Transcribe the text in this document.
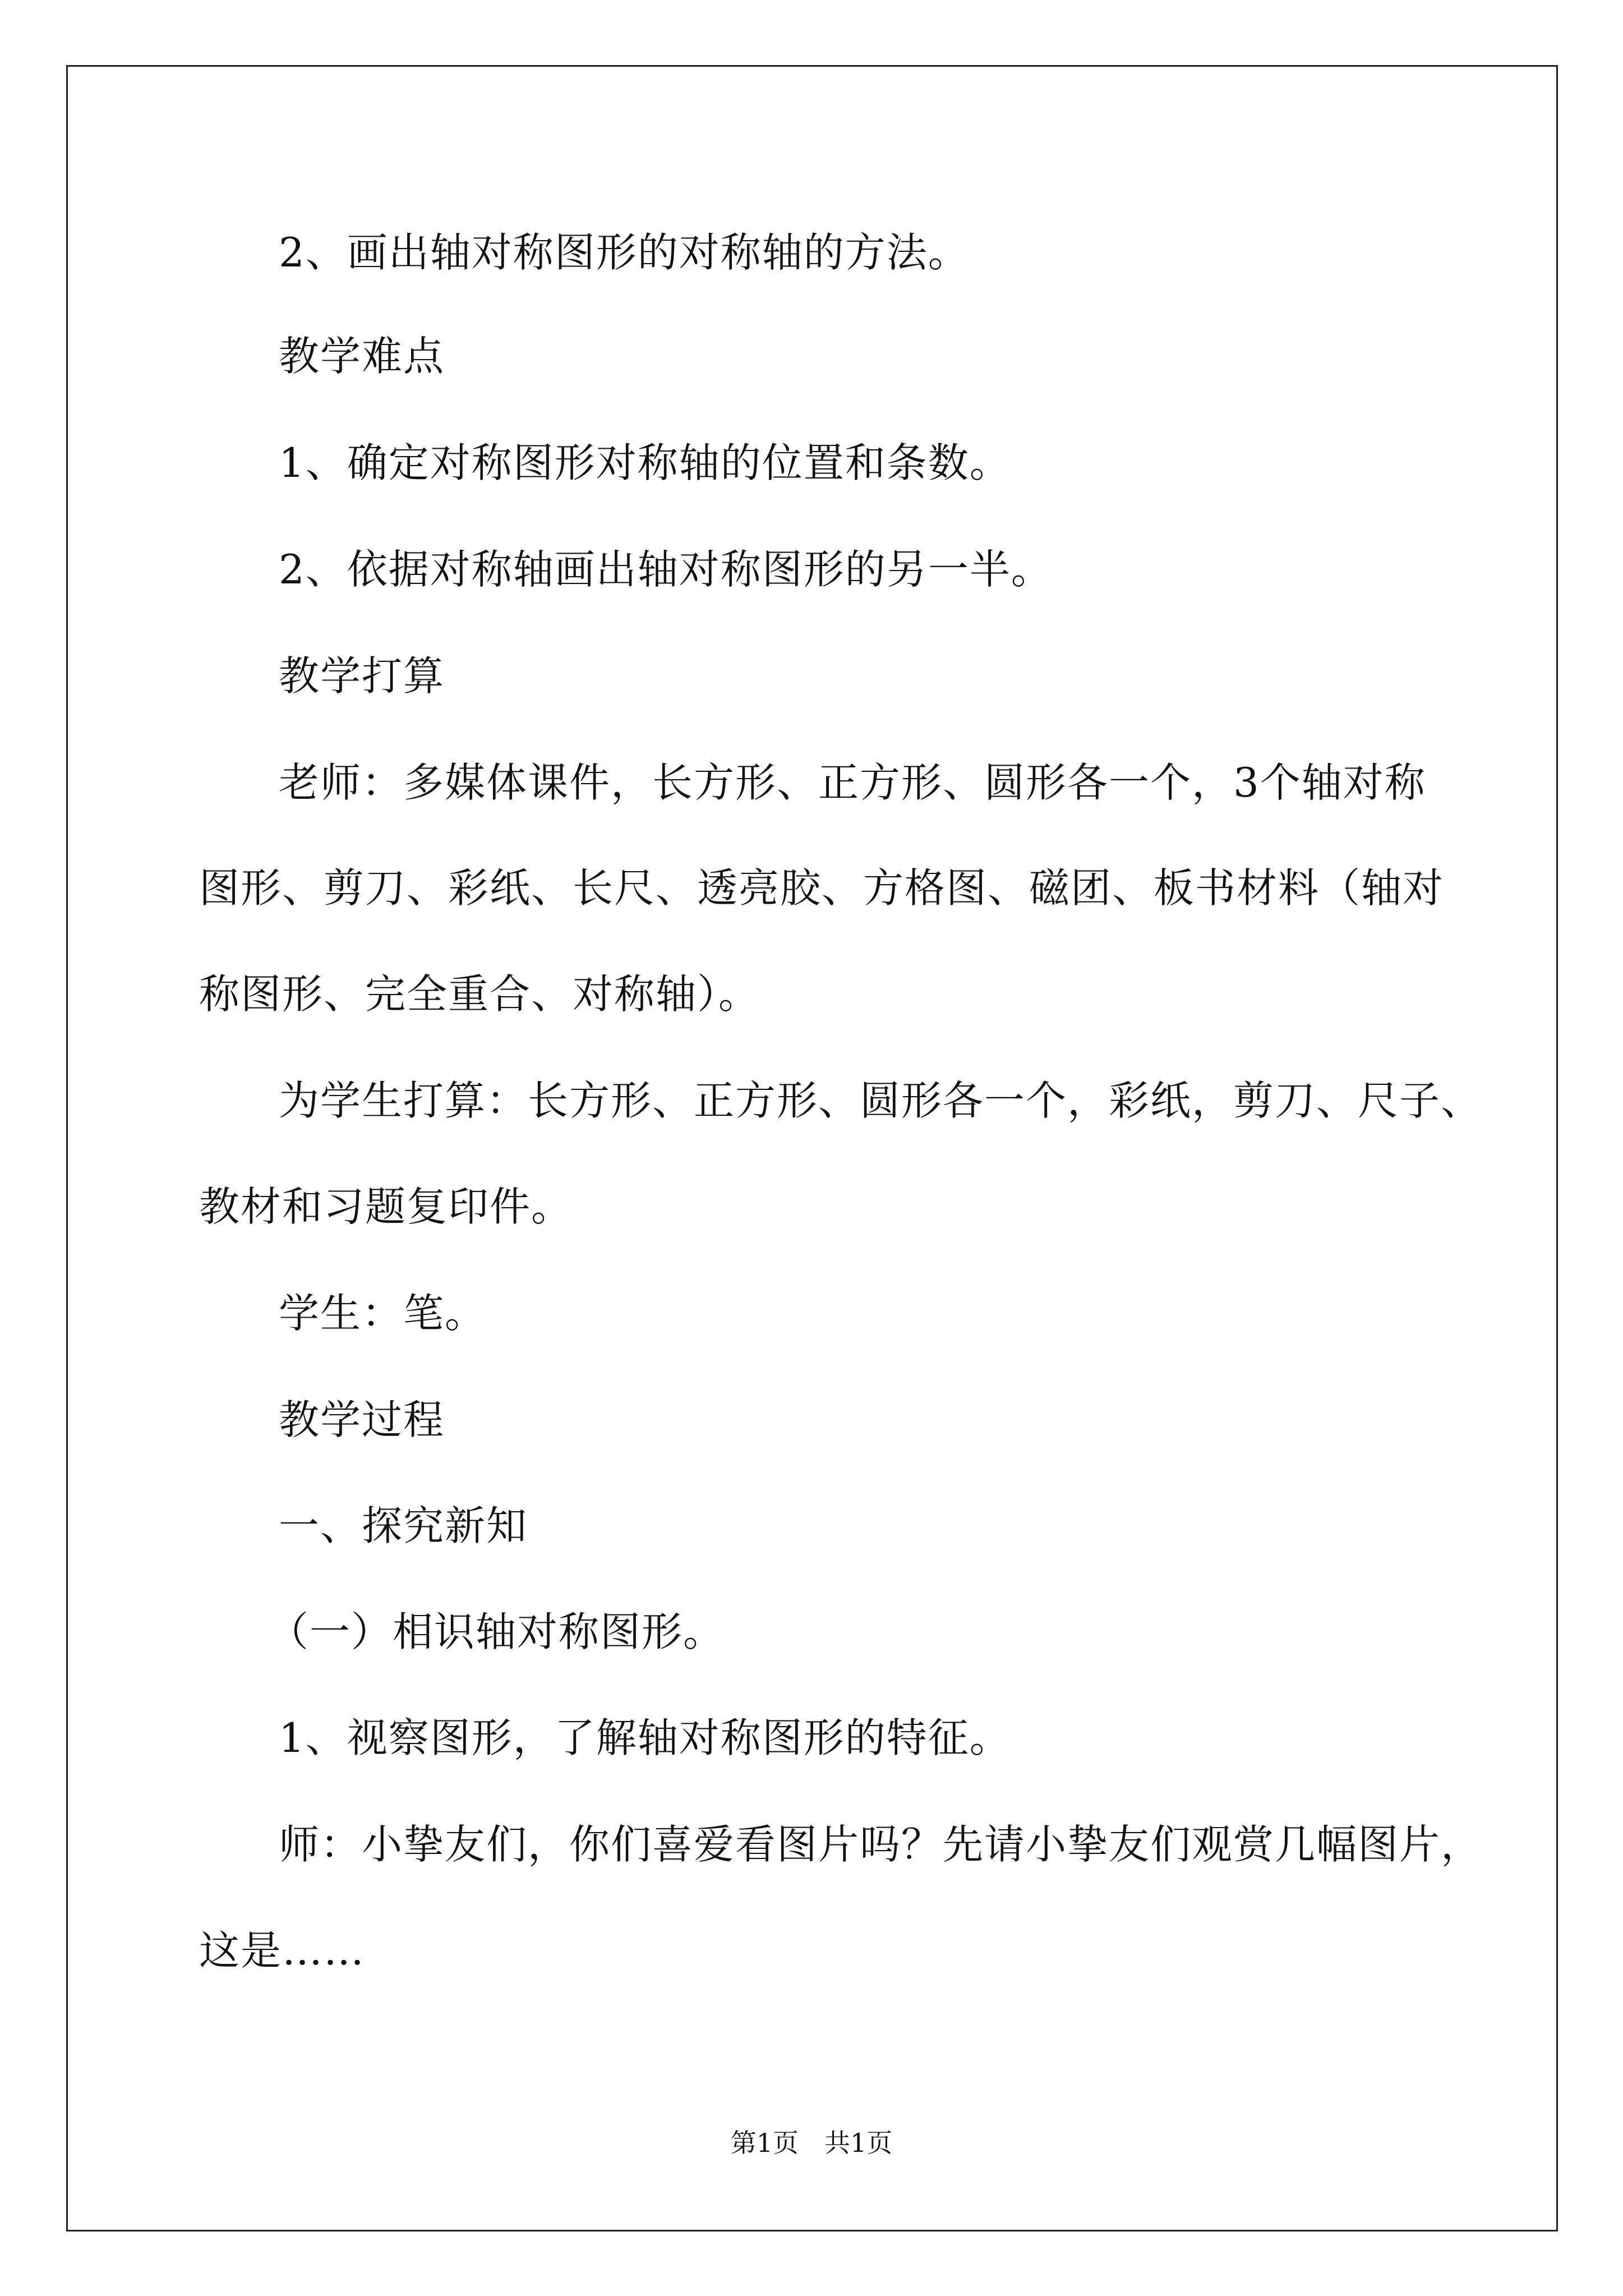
2、画出轴对称图形的对称轴的方法。
教学难点
1、确定对称图形对称轴的位置和条数。
2、依据对称轴画出轴对称图形的另一半。
教学打算
老师：多媒体课件，长方形、正方形、圆形各一个，3个轴对称
图形、剪刀、彩纸、长尺、透亮胶、方格图、磁团、板书材料（轴对
称图形、完全重合、对称轴）。
为学生打算：长方形、正方形、圆形各一个，彩纸，剪刀、尺子、
教材和习题复印件。
学生：笔。
教学过程
一、探究新知
（一）相识轴对称图形。
1、视察图形，了解轴对称图形的特征。
师：小挚友们，你们喜爱看图片吗？先请小挚友们观赏几幅图片，
这是……
第1页　共1页
